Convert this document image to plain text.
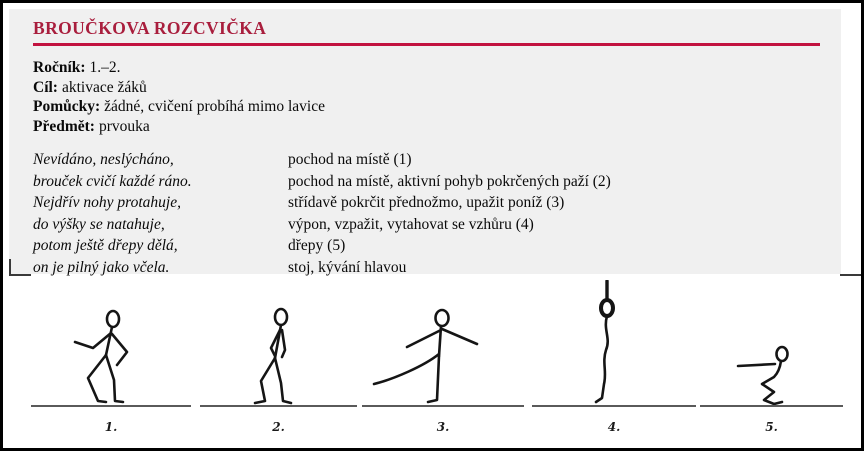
BROUČKOVA ROZCVIČKA
Ročník: 1.–2.
Cíl: aktivace žáků
Pomůcky: žádné, cvičení probíhá mimo lavice
Předmět: prvouka
Nevídáno, neslýcháno,	pochod na místě (1)
brouček cvičí každé ráno.	pochod na místě, aktivní pohyb pokrčených paží (2)
Nejdřív nohy protahuje,	střídavě pokrčit přednožmo, upažit poníž (3)
do výšky se natahuje,	výpon, vzpažit, vytahovat se vzhůru (4)
potom ještě dřepy dělá,	dřepy (5)
on je pilný jako včela.	stoj, kývání hlavou
1.	2.	3.	4.	5.
